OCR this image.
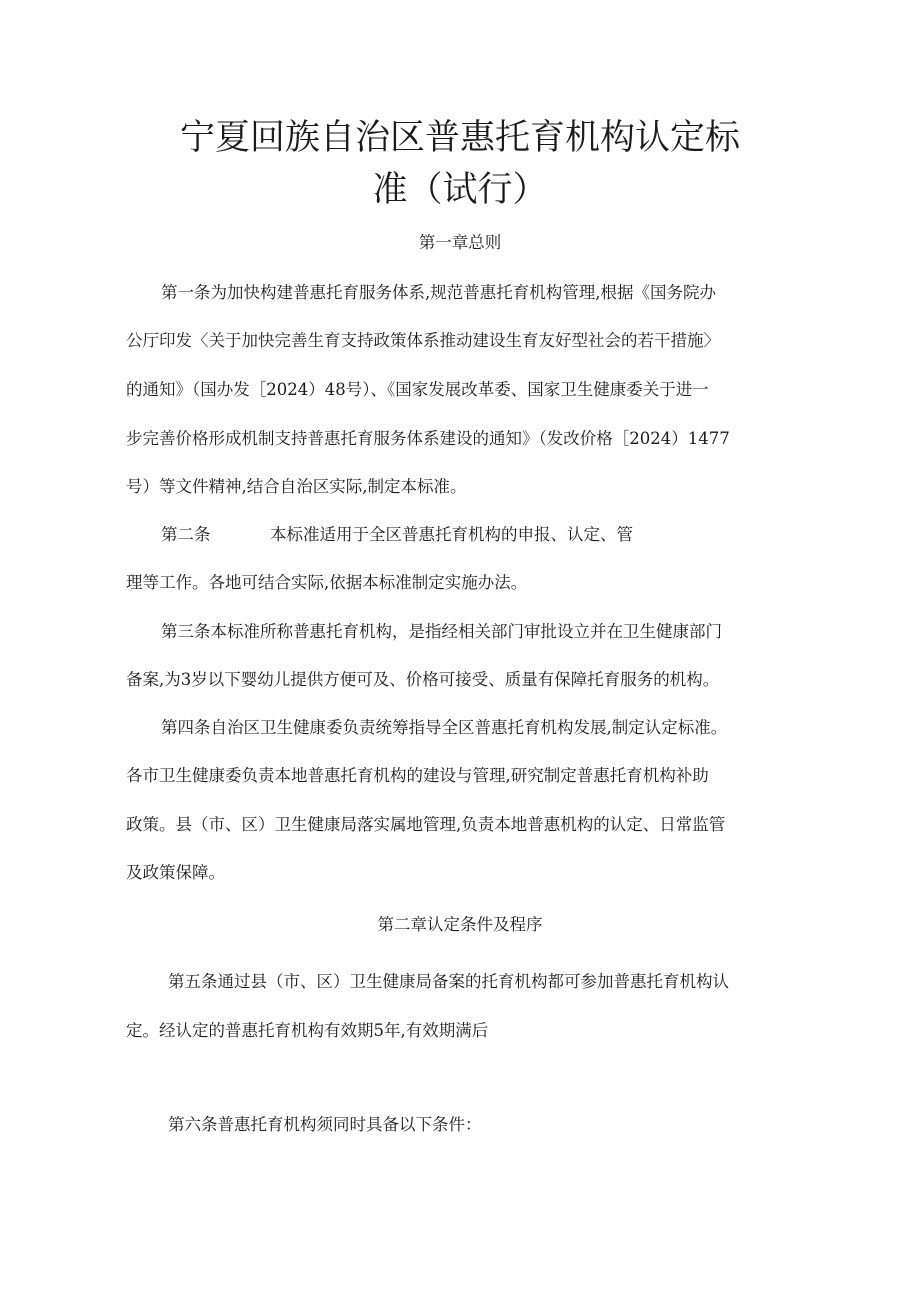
宁夏回族自治区普惠托育机构认定标
准（试行）
第一章总则
第一条为加快构建普惠托育服务体系,规范普惠托育机构管理,根据《国务院办
公厅印发〈关于加快完善生育支持政策体系推动建设生育友好型社会的若干措施〉
的通知》（国办发［2024）48号）、《国家发展改革委、国家卫生健康委关于进一
步完善价格形成机制支持普惠托育服务体系建设的通知》（发改价格［2024）1477
号）等文件精神,结合自治区实际,制定本标准。
第二条	本标准适用于全区普惠托育机构的申报、认定、管
理等工作。各地可结合实际,依据本标准制定实施办法。
第三条本标准所称普惠托育机构，是指经相关部门审批设立并在卫生健康部门
备案,为3岁以下婴幼儿提供方便可及、价格可接受、质量有保障托育服务的机构。
第四条自治区卫生健康委负责统筹指导全区普惠托育机构发展,制定认定标准。
各市卫生健康委负责本地普惠托育机构的建设与管理,研究制定普惠托育机构补助
政策。县（市、区）卫生健康局落实属地管理,负责本地普惠机构的认定、日常监管
及政策保障。
第二章认定条件及程序
第五条通过县（市、区）卫生健康局备案的托育机构都可参加普惠托育机构认
定。经认定的普惠托育机构有效期5年,有效期满后
第六条普惠托育机构须同时具备以下条件：
